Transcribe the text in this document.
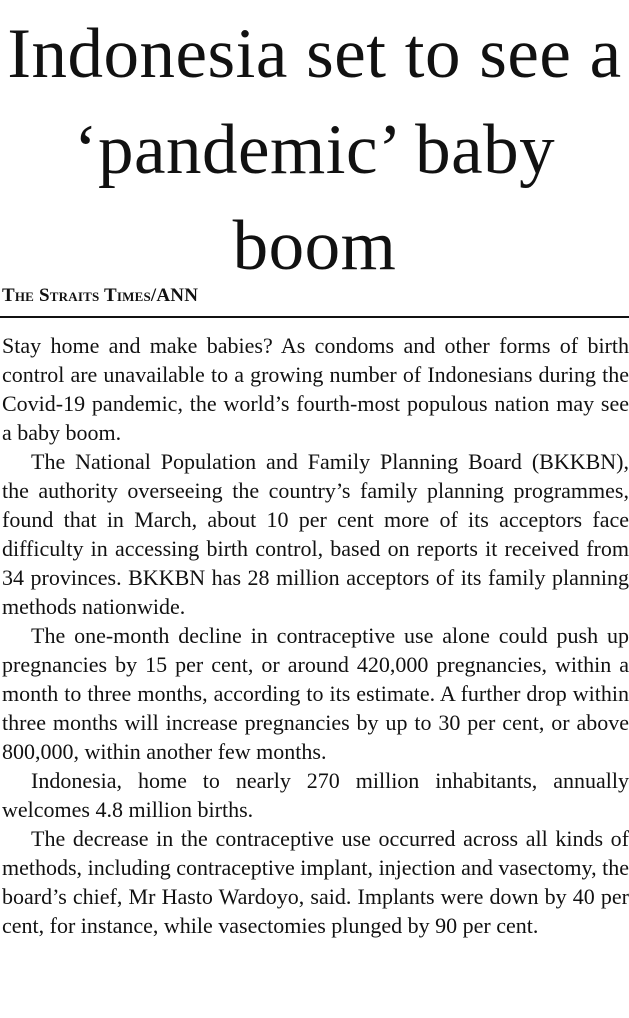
Indonesia set to see a ‘pandemic’ baby boom
The Straits Times/ANN

Stay home and make babies? As condoms and other forms of birth control are unavailable to a growing number of Indonesians during the Covid-19 pandemic, the world’s fourth-most populous nation may see a baby boom.

The National Population and Family Planning Board (BKKBN), the authority overseeing the country’s family planning programmes, found that in March, about 10 per cent more of its acceptors face difficulty in accessing birth control, based on reports it received from 34 provinces. BKKBN has 28 million acceptors of its family planning methods nationwide.

The one-month decline in contraceptive use alone could push up pregnancies by 15 per cent, or around 420,000 pregnancies, within a month to three months, according to its estimate. A further drop within three months will increase pregnancies by up to 30 per cent, or above 800,000, within another few months.

Indonesia, home to nearly 270 million inhabitants, annually welcomes 4.8 million births.

The decrease in the contraceptive use occurred across all kinds of methods, including contraceptive implant, injection and vasectomy, the board’s chief, Mr Hasto Wardoyo, said. Implants were down by 40 per cent, for instance, while vasectomies plunged by 90 per cent.
